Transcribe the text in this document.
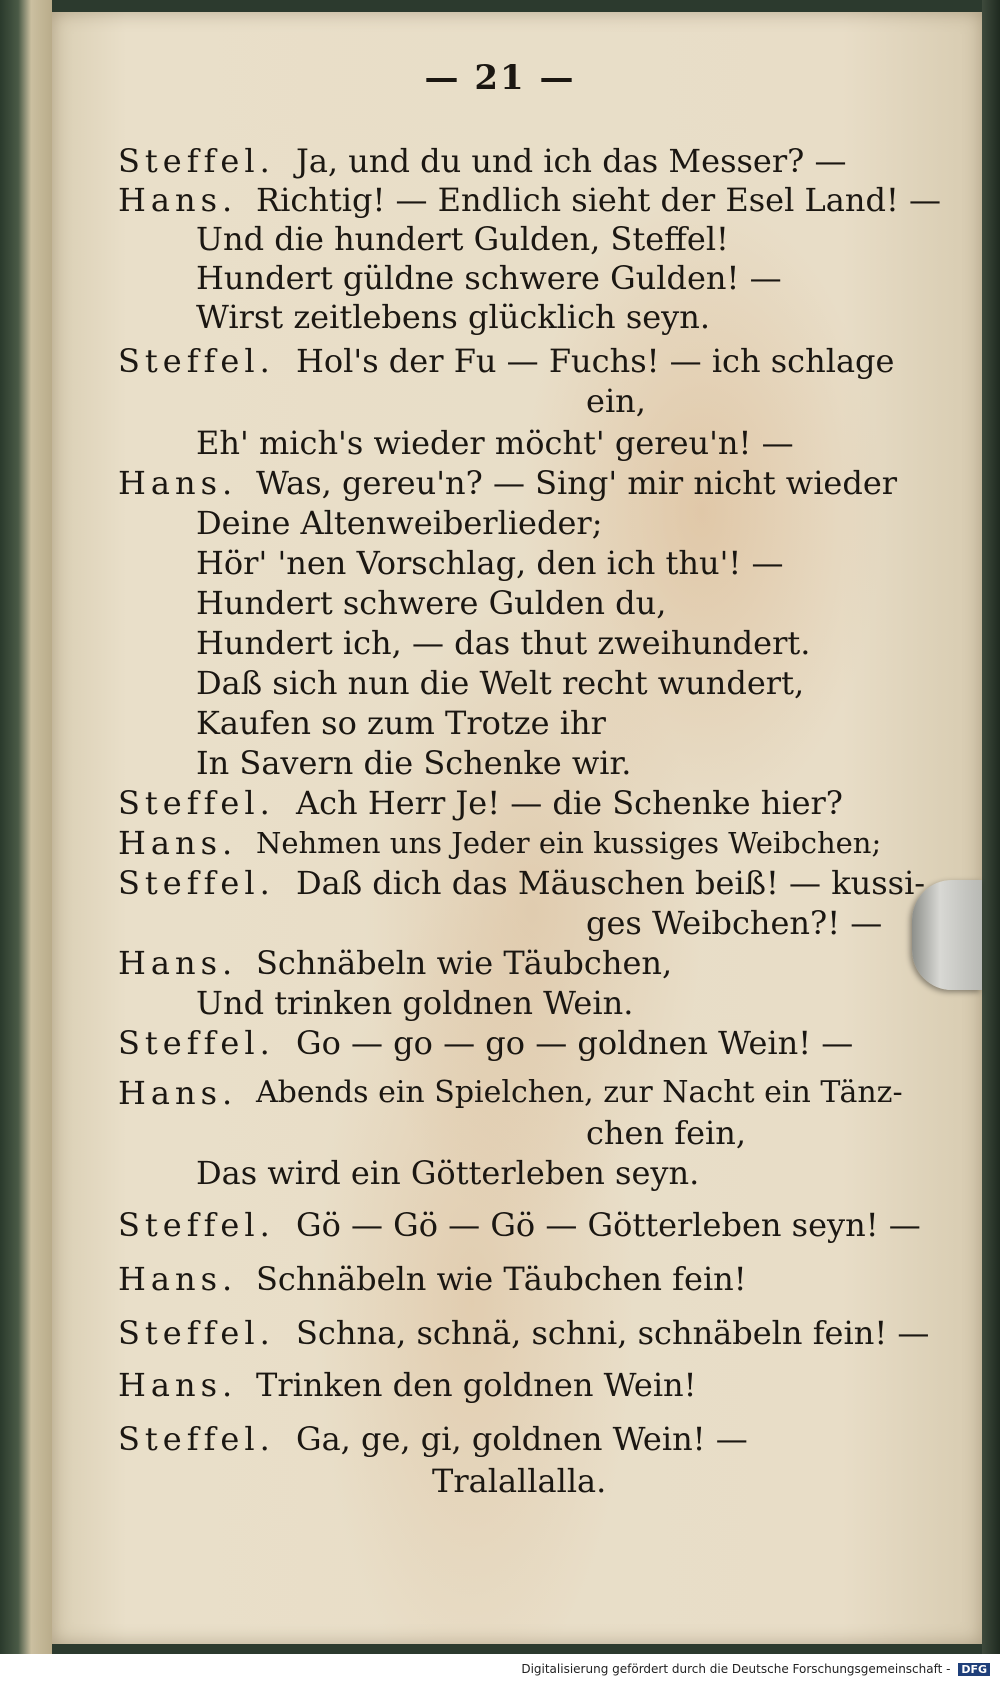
— 21 —
Steffel. Ja, und du und ich das Messer? —
Hans. Richtig! — Endlich sieht der Esel Land! —
Und die hundert Gulden, Steffel!
Hundert güldne schwere Gulden! —
Wirst zeitlebens glücklich seyn.
Steffel. Hol's der Fu — Fuchs! — ich schlage
ein,
Eh' mich's wieder möcht' gereu'n! —
Hans. Was, gereu'n? — Sing' mir nicht wieder
Deine Altenweiberlieder;
Hör' 'nen Vorschlag, den ich thu'! —
Hundert schwere Gulden du,
Hundert ich, — das thut zweihundert.
Daß sich nun die Welt recht wundert,
Kaufen so zum Trotze ihr
In Savern die Schenke wir.
Steffel. Ach Herr Je! — die Schenke hier?
Hans. Nehmen uns Jeder ein kussiges Weibchen;
Steffel. Daß dich das Mäuschen beiß! — kussi-
ges Weibchen?! —
Hans. Schnäbeln wie Täubchen,
Und trinken goldnen Wein.
Steffel. Go — go — go — goldnen Wein! —
Hans. Abends ein Spielchen, zur Nacht ein Tänz-
chen fein,
Das wird ein Götterleben seyn.
Steffel. Gö — Gö — Gö — Götterleben seyn! —
Hans. Schnäbeln wie Täubchen fein!
Steffel. Schna, schnä, schni, schnäbeln fein! —
Hans. Trinken den goldnen Wein!
Steffel. Ga, ge, gi, goldnen Wein! —
Tralallalla.
Digitalisierung gefördert durch die Deutsche Forschungsgemeinschaft - DFG
